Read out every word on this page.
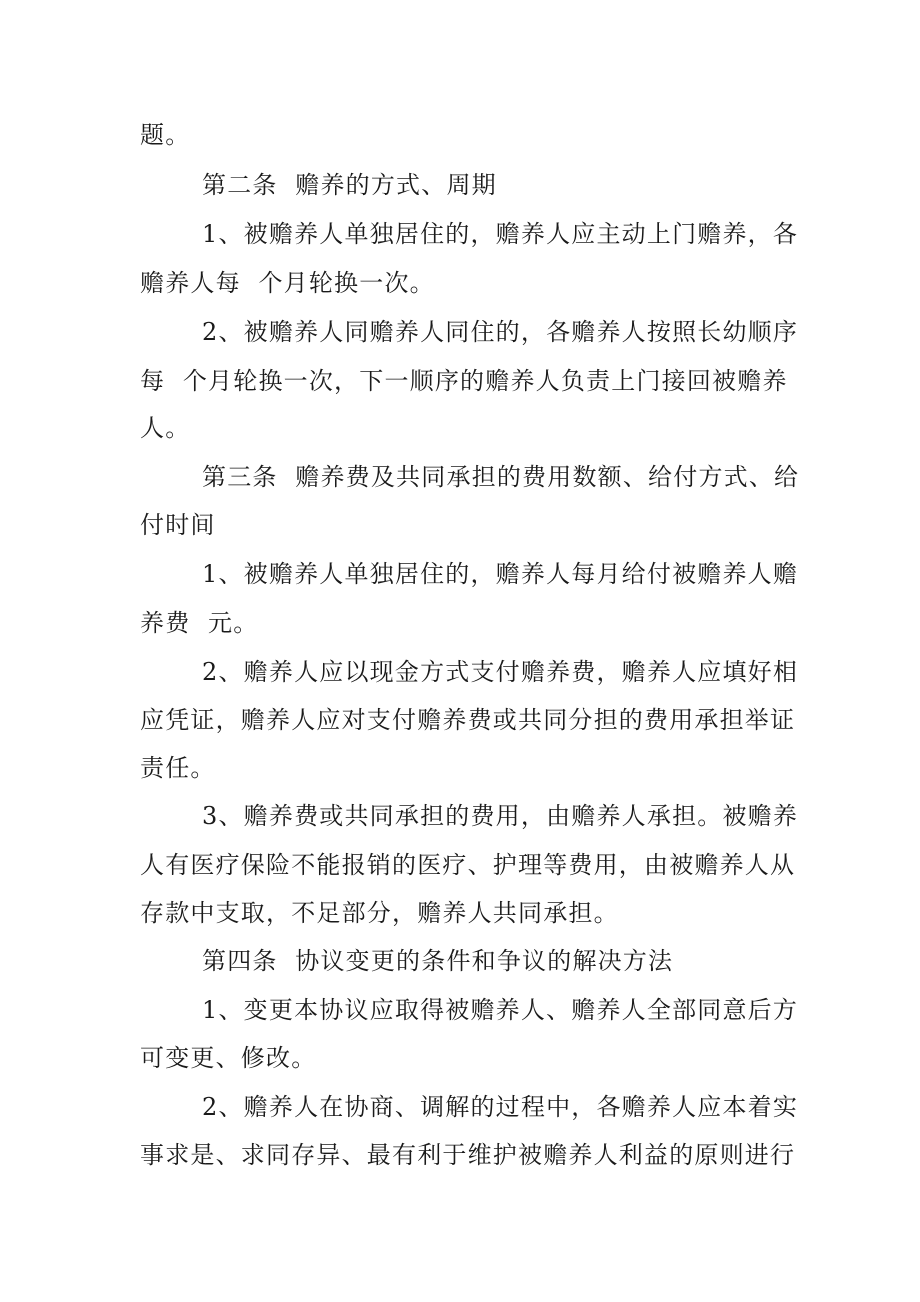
题。
第二条  赡养的方式、周期
1、被赡养人单独居住的，赡养人应主动上门赡养，各
赡养人每  个月轮换一次。
2、被赡养人同赡养人同住的，各赡养人按照长幼顺序
每  个月轮换一次，下一顺序的赡养人负责上门接回被赡养
人。
第三条  赡养费及共同承担的费用数额、给付方式、给
付时间
1、被赡养人单独居住的，赡养人每月给付被赡养人赡
养费  元。
2、赡养人应以现金方式支付赡养费，赡养人应填好相
应凭证，赡养人应对支付赡养费或共同分担的费用承担举证
责任。
3、赡养费或共同承担的费用，由赡养人承担。被赡养
人有医疗保险不能报销的医疗、护理等费用，由被赡养人从
存款中支取，不足部分，赡养人共同承担。
第四条  协议变更的条件和争议的解决方法
1、变更本协议应取得被赡养人、赡养人全部同意后方
可变更、修改。
2、赡养人在协商、调解的过程中，各赡养人应本着实
事求是、求同存异、最有利于维护被赡养人利益的原则进行
